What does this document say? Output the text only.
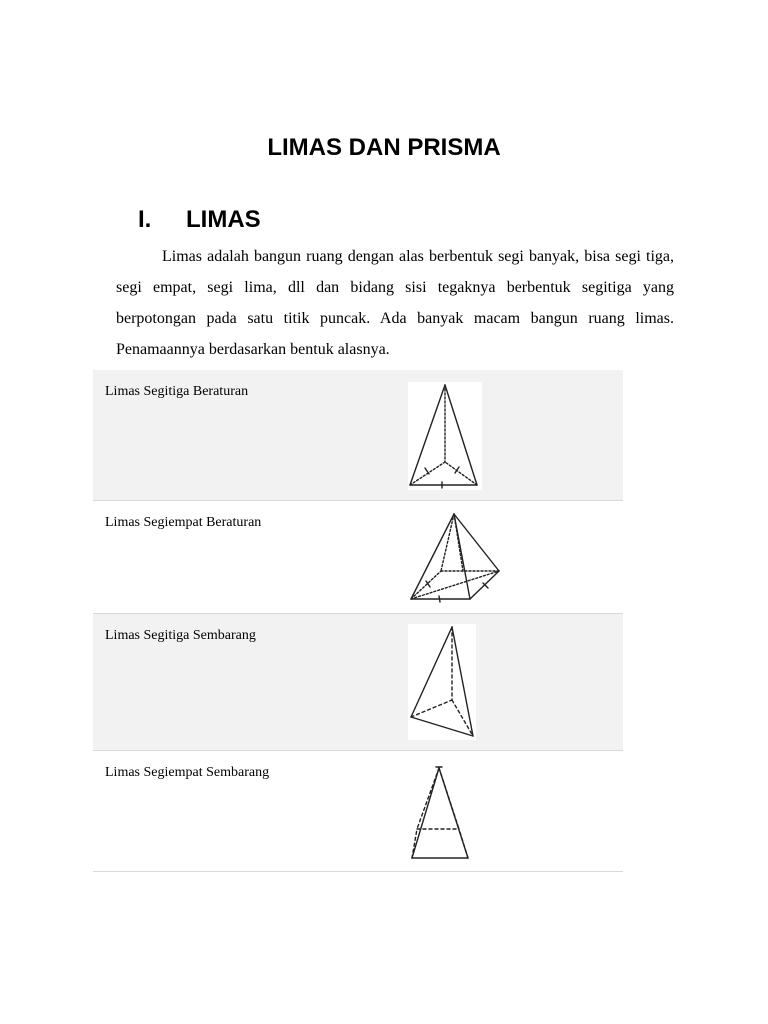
LIMAS DAN PRISMA
I. LIMAS

Limas adalah bangun ruang dengan alas berbentuk segi banyak, bisa segi tiga, segi empat, segi lima, dll dan bidang sisi tegaknya berbentuk segitiga yang berpotongan pada satu titik puncak. Ada banyak macam bangun ruang limas. Penamaannya berdasarkan bentuk alasnya.

Limas Segitiga Beraturan
Limas Segiempat Beraturan
Limas Segitiga Sembarang
Limas Segiempat Sembarang
